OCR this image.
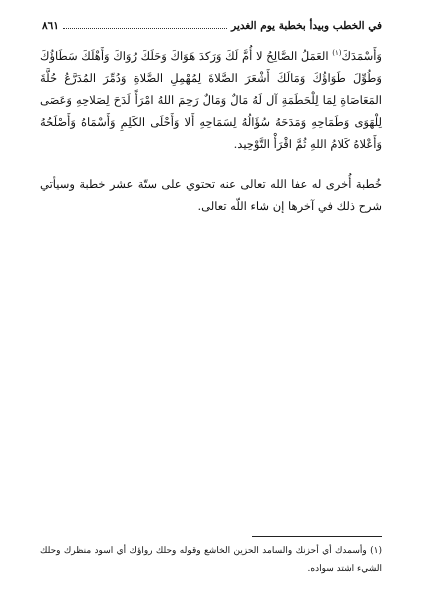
في الخطب وبيدأ بخطبة يوم الغدير
٨٦١

وَأَسْمَدَكَ$^{(١)}$ العَمَلُ الصَّالِحُ لا أُمَّ لَكَ وَرَكدَ هَوَاكَ وَحَلَكَ رُوَاكَ وَأَهْلَكَ سَطَاؤُكَ وَطُوِّلَ طَوَاؤُكَ وَمَالَكَ أَشْعَرَ الصَّلاةَ لِمُهْمِلِ الصَّلاةِ وَدُمِّرَ المُدَرَّعُ حُلَّةَ المَعَاصَاةِ لِمَا لِلْحَطَمَةِ آل لَهُ مَالٌ وَمَالٌ رَحِمَ اللهُ امْرَأً لَدَحَ لِصَلاحِهِ وَعَصَى لِلْهَوَى وَطَمَاحِهِ وَمَدَحَهُ سُؤَالُهُ لِسَمَاحِهِ أَلا وَأَحْلَى الكَلِمِ وَأَسْمَاهُ وَأَصْلَحُهُ وَأَعْلاهُ كَلامُ اللهِ ثُمَّ اقْرَأْ التَّوْحِيد.

خُطبة أُخرى له عفا الله تعالى عنه تحتوي على ستّة عشر خطبة وسيأتي شرح ذلك في آخرها إن شاء اللّه تعالى.

(١) وأسمدك أي أحزنك والسامد الحزين الخاشع وقوله وحلك رواؤك أي اسود منظرك وحلك الشيء اشتد سواده.
